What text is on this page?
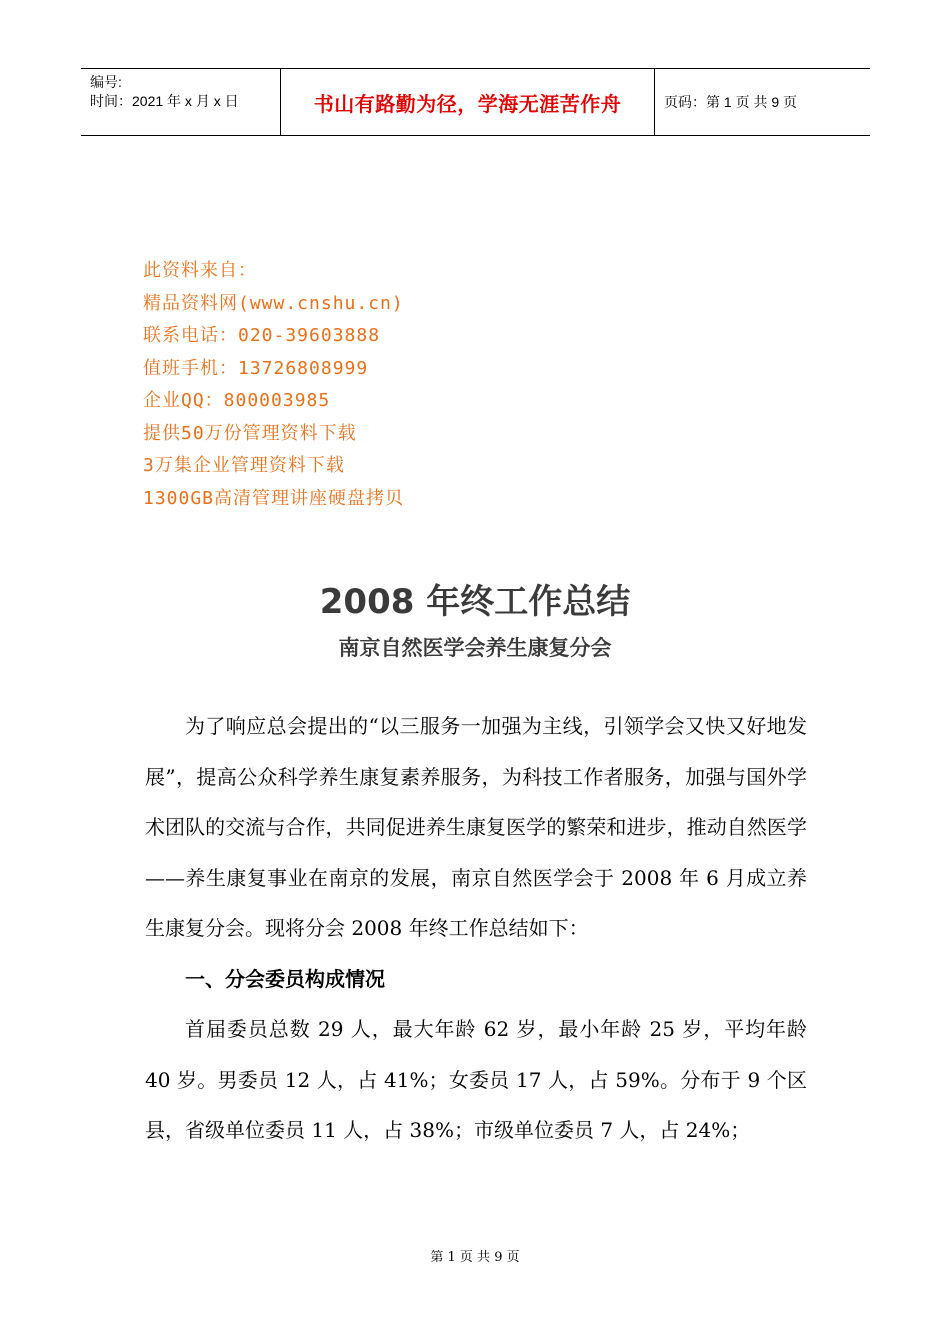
编号:
时间：2021 年 x 月 x 日	书山有路勤为径，学海无涯苦作舟	页码：第 1 页 共 9 页
此资料来自：
精品资料网(www.cnshu.cn)
联系电话：020-39603888
值班手机：13726808999
企业QQ：800003985
提供50万份管理资料下载
3万集企业管理资料下载
1300GB高清管理讲座硬盘拷贝
2008 年终工作总结
南京自然医学会养生康复分会

为了响应总会提出的“以三服务一加强为主线，引领学会又快又好地发展”，提高公众科学养生康复素养服务，为科技工作者服务，加强与国外学术团队的交流与合作，共同促进养生康复医学的繁荣和进步，推动自然医学——养生康复事业在南京的发展，南京自然医学会于 2008 年 6 月成立养生康复分会。现将分会 2008 年终工作总结如下：

一、分会委员构成情况

首届委员总数 29 人，最大年龄 62 岁，最小年龄 25 岁，平均年龄 40 岁。男委员 12 人，占 41%；女委员 17 人，占 59%。分布于 9 个区县，省级单位委员 11 人，占 38%；市级单位委员 7 人，占 24%；

第 1 页 共 9 页
